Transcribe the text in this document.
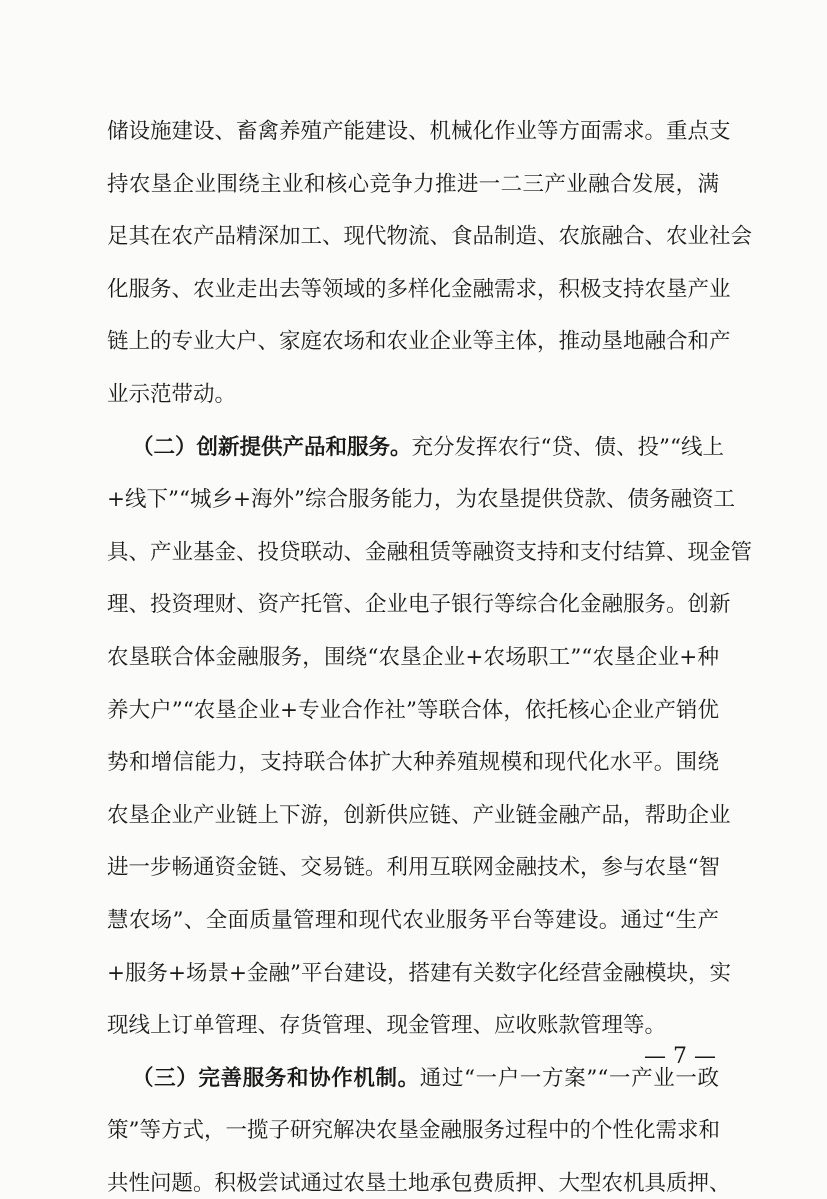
储设施建设、畜禽养殖产能建设、机械化作业等方面需求。重点支
持农垦企业围绕主业和核心竞争力推进一二三产业融合发展，满
足其在农产品精深加工、现代物流、食品制造、农旅融合、农业社会
化服务、农业走出去等领域的多样化金融需求，积极支持农垦产业
链上的专业大户、家庭农场和农业企业等主体，推动垦地融合和产
业示范带动。
（二）创新提供产品和服务。充分发挥农行“贷、债、投”“线上
+线下”“城乡+海外”综合服务能力，为农垦提供贷款、债务融资工
具、产业基金、投贷联动、金融租赁等融资支持和支付结算、现金管
理、投资理财、资产托管、企业电子银行等综合化金融服务。创新
农垦联合体金融服务，围绕“农垦企业+农场职工”“农垦企业+种
养大户”“农垦企业+专业合作社”等联合体，依托核心企业产销优
势和增信能力，支持联合体扩大种养殖规模和现代化水平。围绕
农垦企业产业链上下游，创新供应链、产业链金融产品，帮助企业
进一步畅通资金链、交易链。利用互联网金融技术，参与农垦“智
慧农场”、全面质量管理和现代农业服务平台等建设。通过“生产
+服务+场景+金融”平台建设，搭建有关数字化经营金融模块，实
现线上订单管理、存货管理、现金管理、应收账款管理等。
（三）完善服务和协作机制。通过“一户一方案”“一产业一政
策”等方式，一揽子研究解决农垦金融服务过程中的个性化需求和
共性问题。积极尝试通过农垦土地承包费质押、大型农机具质押、
— 7 —
